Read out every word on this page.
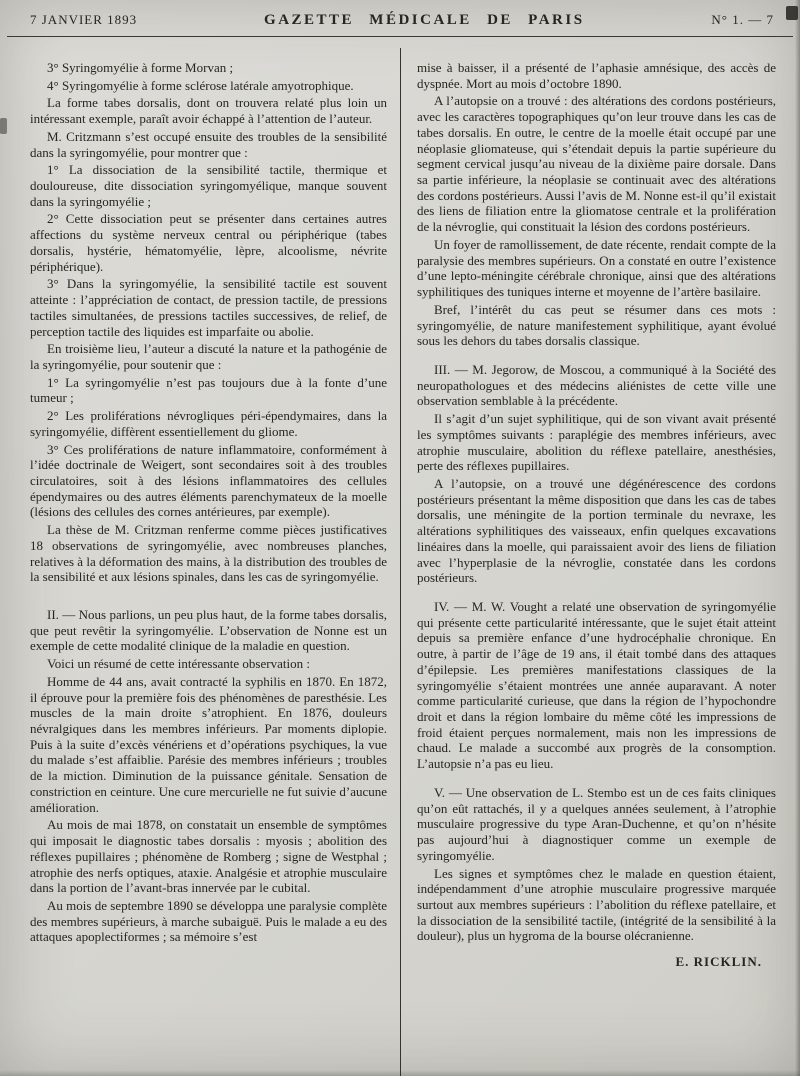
7 JANVIER 1893	GAZETTE MÉDICALE DE PARIS	N° 1. — 7

3° Syringomyélie à forme Morvan ;

4° Syringomyélie à forme sclérose latérale amyotrophique.

La forme tabes dorsalis, dont on trouvera relaté plus loin un intéressant exemple, paraît avoir échappé à l’attention de l’auteur.

M. Critzmann s’est occupé ensuite des troubles de la sensibilité dans la syringomyélie, pour montrer que :

1° La dissociation de la sensibilité tactile, thermique et douloureuse, dite dissociation syringomyélique, manque souvent dans la syringomyélie ;

2° Cette dissociation peut se présenter dans certaines autres affections du système nerveux central ou périphérique (tabes dorsalis, hystérie, hématomyélie, lèpre, alcoolisme, névrite périphérique).

3° Dans la syringomyélie, la sensibilité tactile est souvent atteinte : l’appréciation de contact, de pression tactile, de pressions tactiles simultanées, de pressions tactiles successives, de relief, de perception tactile des liquides est imparfaite ou abolie.

En troisième lieu, l’auteur a discuté la nature et la pathogénie de la syringomyélie, pour soutenir que :

1° La syringomyélie n’est pas toujours due à la fonte d’une tumeur ;

2° Les proliférations névrogliques péri-épendymaires, dans la syringomyélie, diffèrent essentiellement du gliome.

3° Ces proliférations de nature inflammatoire, conformément à l’idée doctrinale de Weigert, sont secondaires soit à des troubles circulatoires, soit à des lésions inflammatoires des cellules épendymaires ou des autres éléments parenchymateux de la moelle (lésions des cellules des cornes antérieures, par exemple).

La thèse de M. Critzman renferme comme pièces justificatives 18 observations de syringomyélie, avec nombreuses planches, relatives à la déformation des mains, à la distribution des troubles de la sensibilité et aux lésions spinales, dans les cas de syringomyélie.

II. — Nous parlions, un peu plus haut, de la forme tabes dorsalis, que peut revêtir la syringomyélie. L’observation de Nonne est un exemple de cette modalité clinique de la maladie en question.

Voici un résumé de cette intéressante observation :

Homme de 44 ans, avait contracté la syphilis en 1870. En 1872, il éprouve pour la première fois des phénomènes de paresthésie. Les muscles de la main droite s’atrophient. En 1876, douleurs névralgiques dans les membres inférieurs. Par moments diplopie. Puis à la suite d’excès vénériens et d’opérations psychiques, la vue du malade s’est affaiblie. Parésie des membres inférieurs ; troubles de la miction. Diminution de la puissance génitale. Sensation de constriction en ceinture. Une cure mercurielle ne fut suivie d’aucune amélioration.

Au mois de mai 1878, on constatait un ensemble de symptômes qui imposait le diagnostic tabes dorsalis : myosis ; abolition des réflexes pupillaires ; phénomène de Romberg ; signe de Westphal ; atrophie des nerfs optiques, ataxie. Analgésie et atrophie musculaire dans la portion de l’avant-bras innervée par le cubital.

Au mois de septembre 1890 se développa une paralysie complète des membres supérieurs, à marche subaiguë. Puis le malade a eu des attaques apoplectiformes ; sa mémoire s’est

mise à baisser, il a présenté de l’aphasie amnésique, des accès de dyspnée. Mort au mois d’octobre 1890.

A l’autopsie on a trouvé : des altérations des cordons postérieurs, avec les caractères topographiques qu’on leur trouve dans les cas de tabes dorsalis. En outre, le centre de la moelle était occupé par une néoplasie gliomateuse, qui s’étendait depuis la partie supérieure du segment cervical jusqu’au niveau de la dixième paire dorsale. Dans sa partie inférieure, la néoplasie se continuait avec des altérations des cordons postérieurs. Aussi l’avis de M. Nonne est-il qu’il existait des liens de filiation entre la gliomatose centrale et la prolifération de la névroglie, qui constituait la lésion des cordons postérieurs.

Un foyer de ramollissement, de date récente, rendait compte de la paralysie des membres supérieurs. On a constaté en outre l’existence d’une lepto-méningite cérébrale chronique, ainsi que des altérations syphilitiques des tuniques interne et moyenne de l’artère basilaire.

Bref, l’intérêt du cas peut se résumer dans ces mots : syringomyélie, de nature manifestement syphilitique, ayant évolué sous les dehors du tabes dorsalis classique.

III. — M. Jegorow, de Moscou, a communiqué à la Société des neuropathologues et des médecins aliénistes de cette ville une observation semblable à la précédente.

Il s’agit d’un sujet syphilitique, qui de son vivant avait présenté les symptômes suivants : paraplégie des membres inférieurs, avec atrophie musculaire, abolition du réflexe patellaire, anesthésies, perte des réflexes pupillaires.

A l’autopsie, on a trouvé une dégénérescence des cordons postérieurs présentant la même disposition que dans les cas de tabes dorsalis, une méningite de la portion terminale du nevraxe, les altérations syphilitiques des vaisseaux, enfin quelques excavations linéaires dans la moelle, qui paraissaient avoir des liens de filiation avec l’hyperplasie de la névroglie, constatée dans les cordons postérieurs.

IV. — M. W. Vought a relaté une observation de syringomyélie qui présente cette particularité intéressante, que le sujet était atteint depuis sa première enfance d’une hydrocéphalie chronique. En outre, à partir de l’âge de 19 ans, il était tombé dans des attaques d’épilepsie. Les premières manifestations classiques de la syringomyélie s’étaient montrées une année auparavant. A noter comme particularité curieuse, que dans la région de l’hypochondre droit et dans la région lombaire du même côté les impressions de froid étaient perçues normalement, mais non les impressions de chaud. Le malade a succombé aux progrès de la consomption. L’autopsie n’a pas eu lieu.

V. — Une observation de L. Stembo est un de ces faits cliniques qu’on eût rattachés, il y a quelques années seulement, à l’atrophie musculaire progressive du type Aran-Duchenne, et qu’on n’hésite pas aujourd’hui à diagnostiquer comme un exemple de syringomyélie.

Les signes et symptômes chez le malade en question étaient, indépendamment d’une atrophie musculaire progressive marquée surtout aux membres supérieurs : l’abolition du réflexe patellaire, et la dissociation de la sensibilité tactile, (intégrité de la sensibilité à la douleur), plus un hygroma de la bourse olécranienne.

E. RICKLIN.
